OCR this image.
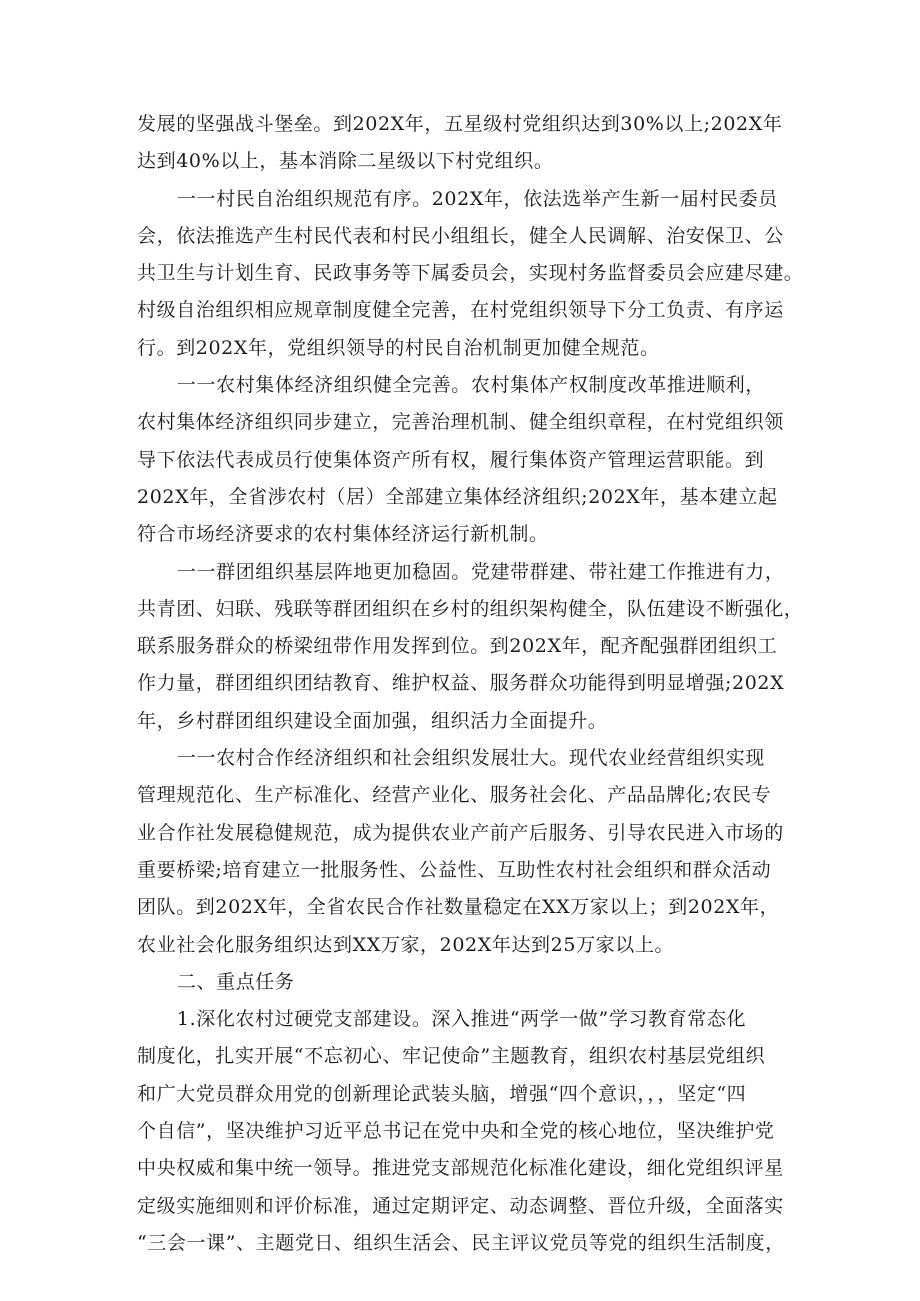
发展的坚强战斗堡垒。到202X年，五星级村党组织达到30%以上;202X年
达到40%以上，基本消除二星级以下村党组织。

一一村民自治组织规范有序。202X年，依法选举产生新一届村民委员
会，依法推选产生村民代表和村民小组组长，健全人民调解、治安保卫、公
共卫生与计划生育、民政事务等下属委员会，实现村务监督委员会应建尽建。
村级自治组织相应规章制度健全完善，在村党组织领导下分工负责、有序运
行。到202X年，党组织领导的村民自治机制更加健全规范。

一一农村集体经济组织健全完善。农村集体产权制度改革推进顺利，
农村集体经济组织同步建立，完善治理机制、健全组织章程，在村党组织领
导下依法代表成员行使集体资产所有权，履行集体资产管理运营职能。到
202X年，全省涉农村（居）全部建立集体经济组织;202X年，基本建立起
符合市场经济要求的农村集体经济运行新机制。

一一群团组织基层阵地更加稳固。党建带群建、带社建工作推进有力，
共青团、妇联、残联等群团组织在乡村的组织架构健全，队伍建设不断强化，
联系服务群众的桥梁纽带作用发挥到位。到202X年，配齐配强群团组织工
作力量，群团组织团结教育、维护权益、服务群众功能得到明显增强;202X
年，乡村群团组织建设全面加强，组织活力全面提升。

一一农村合作经济组织和社会组织发展壮大。现代农业经营组织实现
管理规范化、生产标准化、经营产业化、服务社会化、产品品牌化;农民专
业合作社发展稳健规范，成为提供农业产前产后服务、引导农民进入市场的
重要桥梁;培育建立一批服务性、公益性、互助性农村社会组织和群众活动
团队。到202X年，全省农民合作社数量稳定在XX万家以上；到202X年，
农业社会化服务组织达到XX万家，202X年达到25万家以上。

二、重点任务

1.深化农村过硬党支部建设。深入推进“两学一做”学习教育常态化
制度化，扎实开展“不忘初心、牢记使命”主题教育，组织农村基层党组织
和广大党员群众用党的创新理论武装头脑，增强“四个意识，，，坚定“四
个自信”，坚决维护习近平总书记在党中央和全党的核心地位，坚决维护党
中央权威和集中统一领导。推进党支部规范化标准化建设，细化党组织评星
定级实施细则和评价标准，通过定期评定、动态调整、晋位升级，全面落实
“三会一课”、主题党日、组织生活会、民主评议党员等党的组织生活制度，
